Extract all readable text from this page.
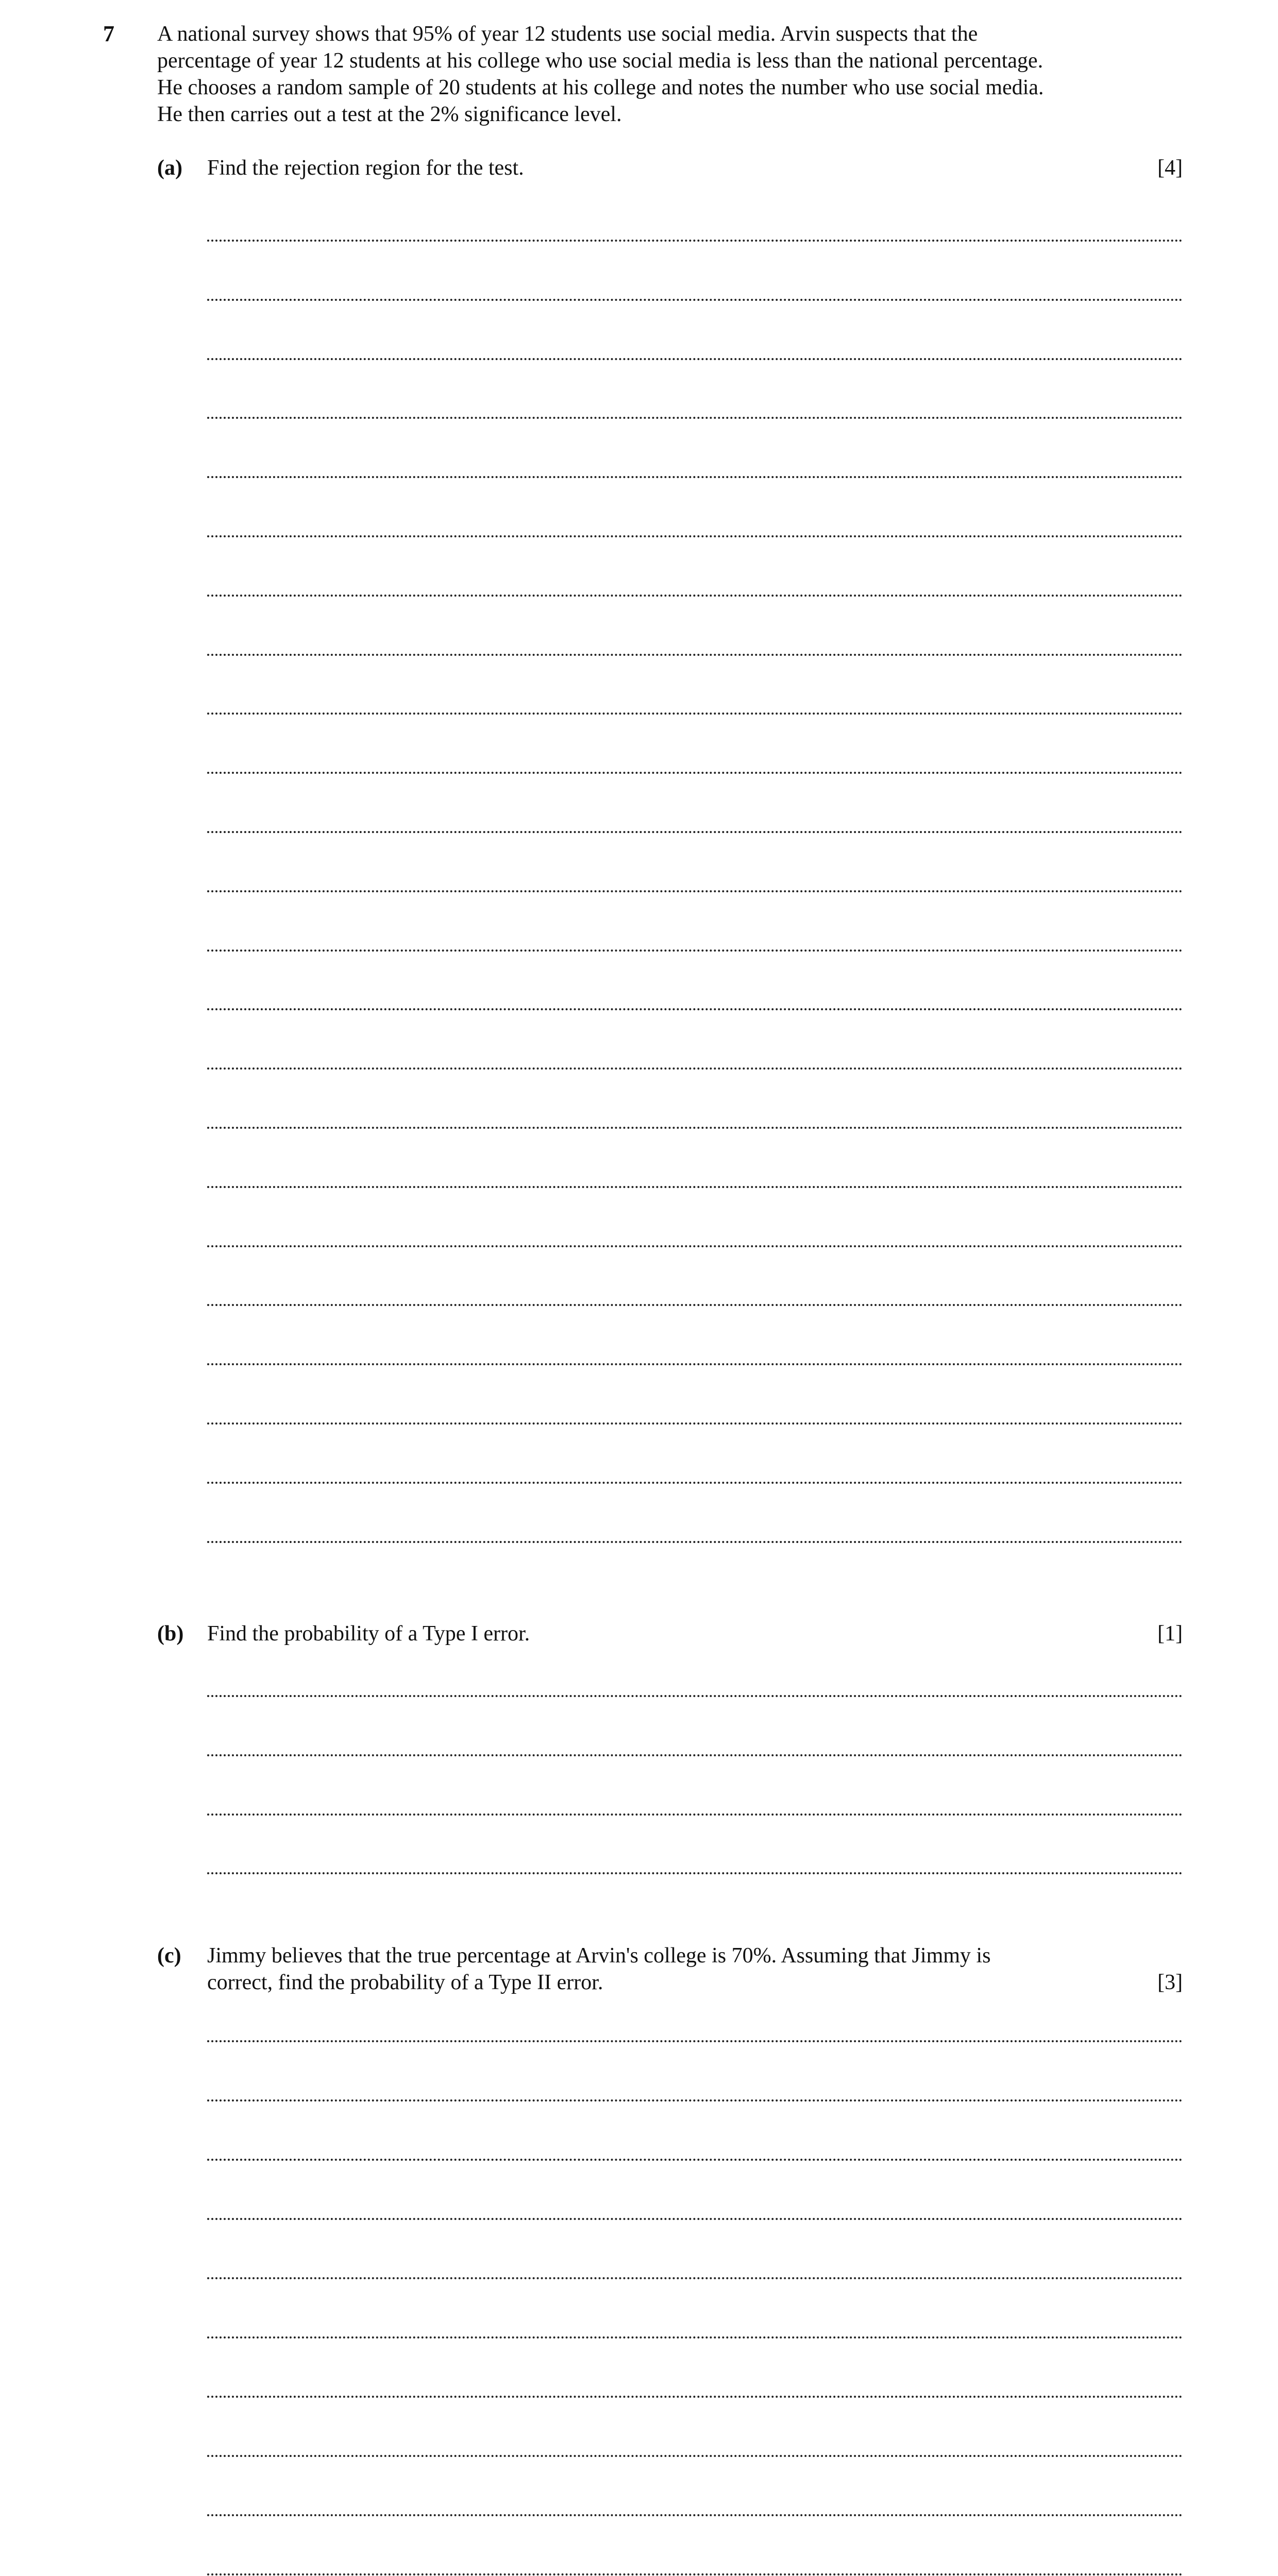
7 A national survey shows that 95% of year 12 students use social media. Arvin suspects that the
percentage of year 12 students at his college who use social media is less than the national percentage.
He chooses a random sample of 20 students at his college and notes the number who use social media.
He then carries out a test at the 2% significance level.
(a) Find the rejection region for the test.	[4]
(b) Find the probability of a Type I error.	[1]
(c) Jimmy believes that the true percentage at Arvin's college is 70%. Assuming that Jimmy is
correct, find the probability of a Type II error.	[3]
